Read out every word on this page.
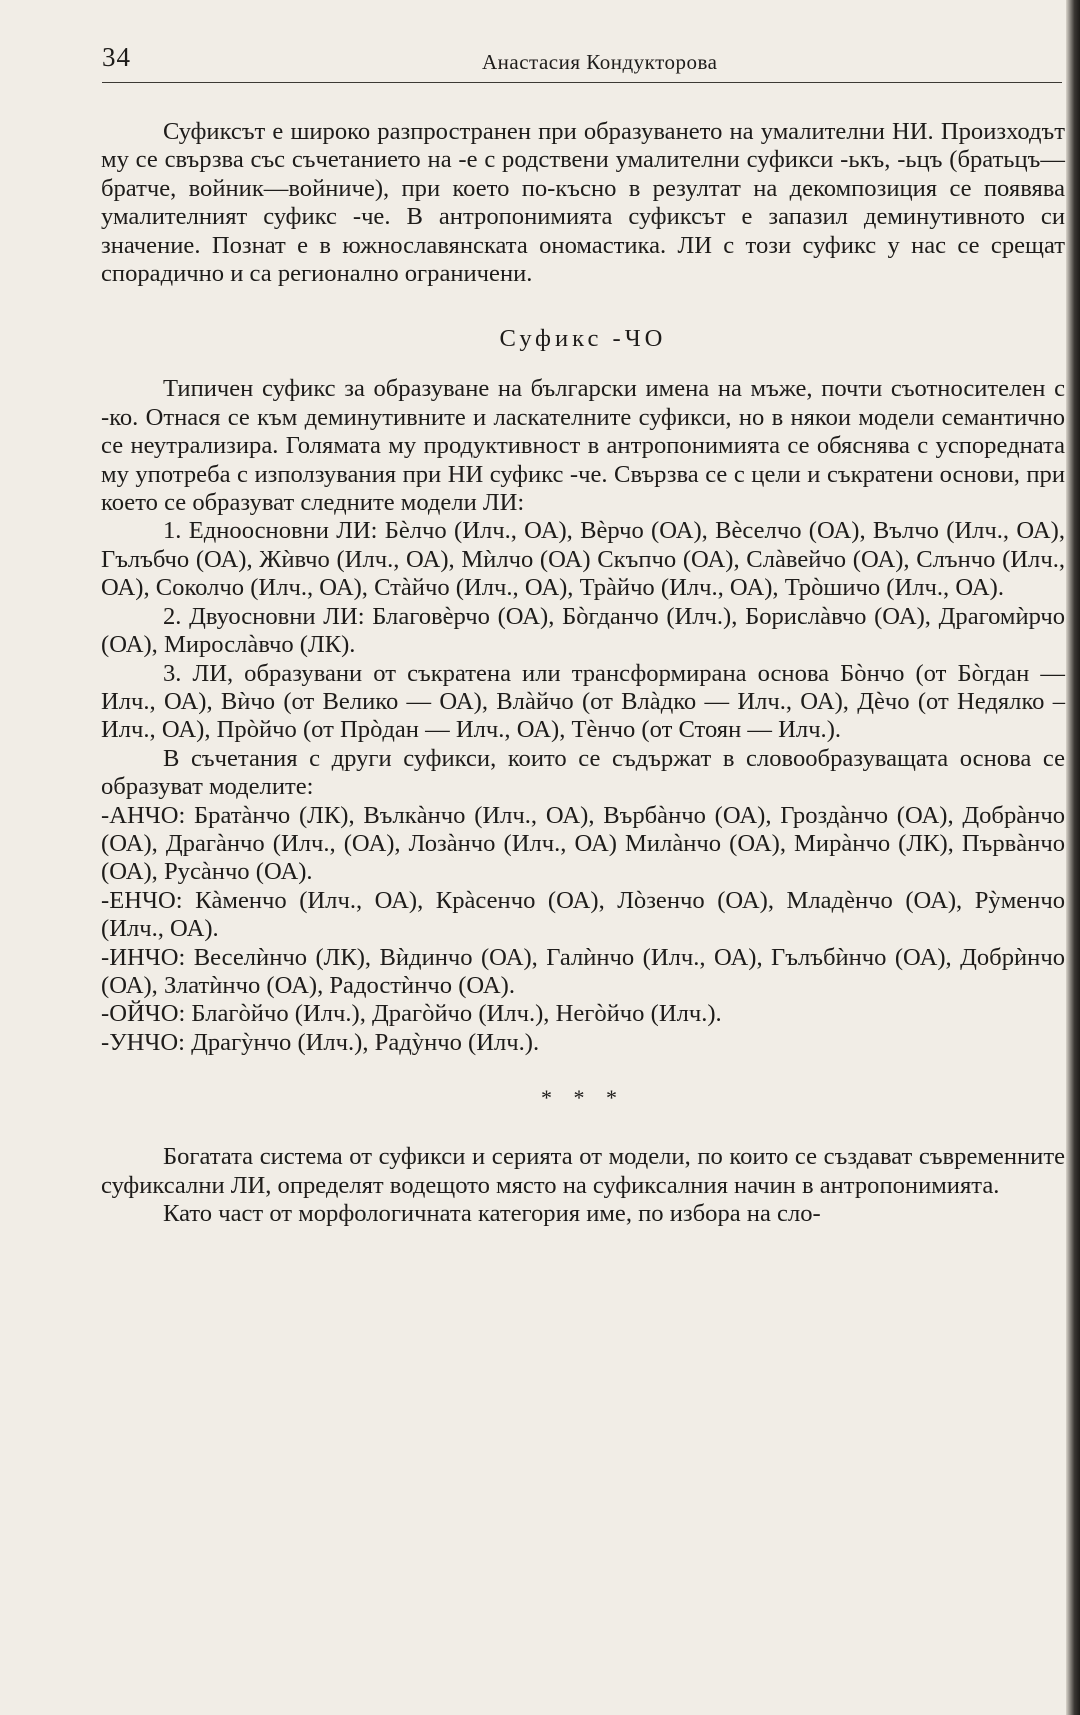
34	Анастасия Кондукторова

Суфиксът е широко разпространен при образуването на умалителни НИ. Произходът му се свързва със съчетанието на -е с родствени умалителни суфикси -ькъ, -ьцъ (братьцъ—братче, войник—войниче), при което по-късно в резултат на декомпозиция се появява умалителният суфикс -че. В антропонимията суфиксът е запазил деминутивното си значение. Познат е в южнославянската ономастика. ЛИ с този суфикс у нас се срещат спорадично и са регионално ограничени.

Суфикс -ЧО

Типичен суфикс за образуване на български имена на мъже, почти съотносителен с -ко. Отнася се към деминутивните и ласкателните суфикси, но в някои модели семантично се неутрализира. Голямата му продуктивност в антропонимията се обяснява с успоредната му употреба с използувания при НИ суфикс -че. Свързва се с цели и съкратени основи, при което се образуват следните модели ЛИ:

1. Едноосновни ЛИ: Бѐлчо (Илч., ОА), Вѐрчо (ОА), Вѐселчо (ОА), Вълчо (Илч., ОА), Гълъбчо (ОА), Жѝвчо (Илч., ОА), Мѝлчо (ОА) Скъпчо (ОА), Слàвейчо (ОА), Слънчо (Илч., ОА), Соколчо (Илч., ОА), Стàйчо (Илч., ОА), Трàйчо (Илч., ОА), Трòшичо (Илч., ОА).

2. Двуосновни ЛИ: Благовѐрчо (ОА), Бòгданчо (Илч.), Борислàвчо (ОА), Драгомѝрчо (ОА), Мирослàвчо (ЛК).

3. ЛИ, образувани от съкратена или трансформирана основа Бòнчо (от Бòгдан — Илч., ОА), Вѝчо (от Велико — ОА), Влàйчо (от Влàдко — Илч., ОА), Дѐчо (от Недялко – Илч., ОА), Прòйчо (от Прòдан — Илч., ОА), Тѐнчо (от Стоян — Илч.).

В съчетания с други суфикси, които се съдържат в словообразуващата основа се образуват моделите:

-АНЧО: Братàнчо (ЛК), Вълкàнчо (Илч., ОА), Върбàнчо (ОА), Гроздàнчо (ОА), Добрàнчо (ОА), Драгàнчо (Илч., (ОА), Лозàнчо (Илч., ОА) Милàнчо (ОА), Мирàнчо (ЛК), Първàнчо (ОА), Русàнчо (ОА).

-ЕНЧО: Кàменчо (Илч., ОА), Крàсенчо (ОА), Лòзенчо (ОА), Младѐнчо (ОА), Рỳменчо (Илч., ОА).

-ИНЧО: Веселѝнчо (ЛК), Вѝдинчо (ОА), Галѝнчо (Илч., ОА), Гълъбѝнчо (ОА), Добрѝнчо (ОА), Златѝнчо (ОА), Радостѝнчо (ОА).

-ОЙЧО: Благòйчо (Илч.), Драгòйчо (Илч.), Негòйчо (Илч.).

-УНЧО: Драгỳнчо (Илч.), Радỳнчо (Илч.).

* * *

Богатата система от суфикси и серията от модели, по които се създават съвременните суфиксални ЛИ, определят водещото място на суфиксалния начин в антропонимията.

Като част от морфологичната категория име, по избора на сло-
